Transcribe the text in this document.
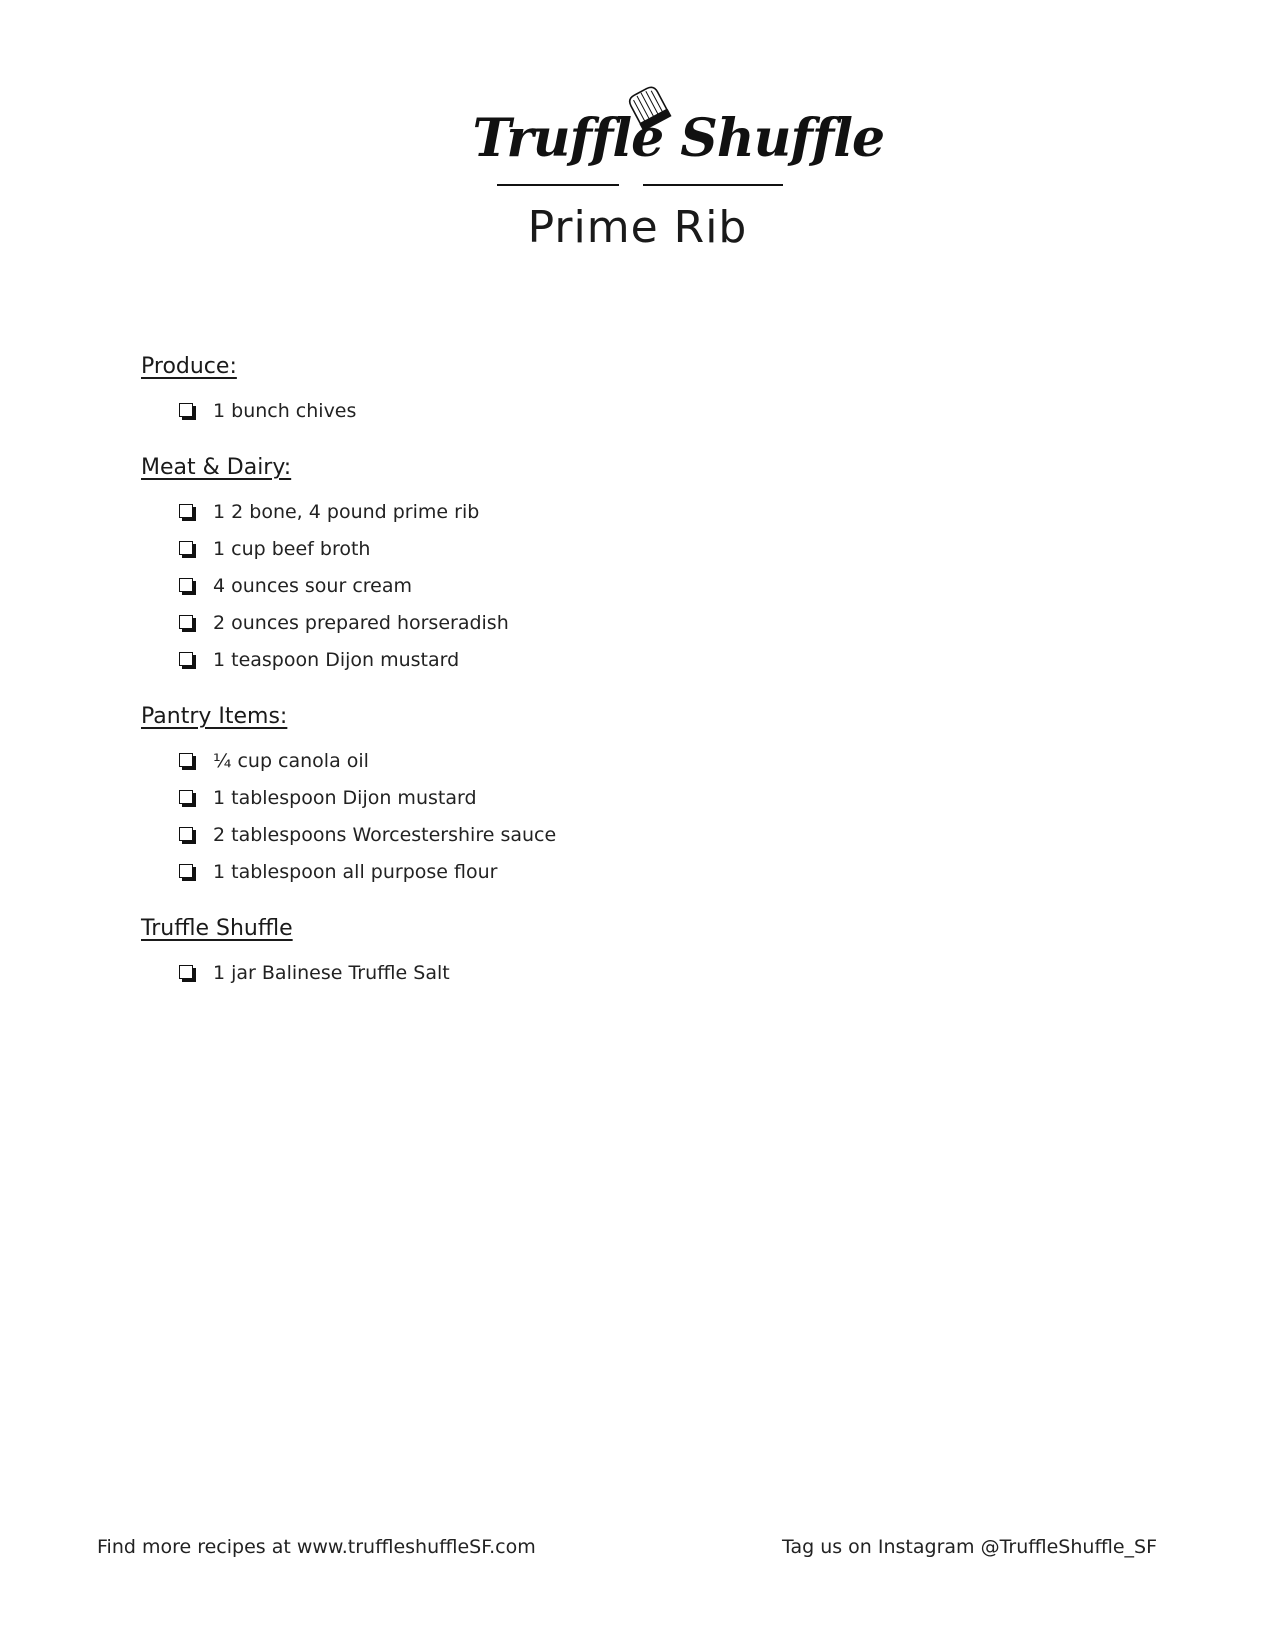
Truffle Shuffle
Prime Rib
Produce:
1 bunch chives
Meat & Dairy:
1 2 bone, 4 pound prime rib
1 cup beef broth
4 ounces sour cream
2 ounces prepared horseradish
1 teaspoon Dijon mustard
Pantry Items:
¼ cup canola oil
1 tablespoon Dijon mustard
2 tablespoons Worcestershire sauce
1 tablespoon all purpose flour
Truffle Shuffle
1 jar Balinese Truffle Salt
Find more recipes at www.truffleshuffleSF.com	Tag us on Instagram @TruffleShuffle_SF
